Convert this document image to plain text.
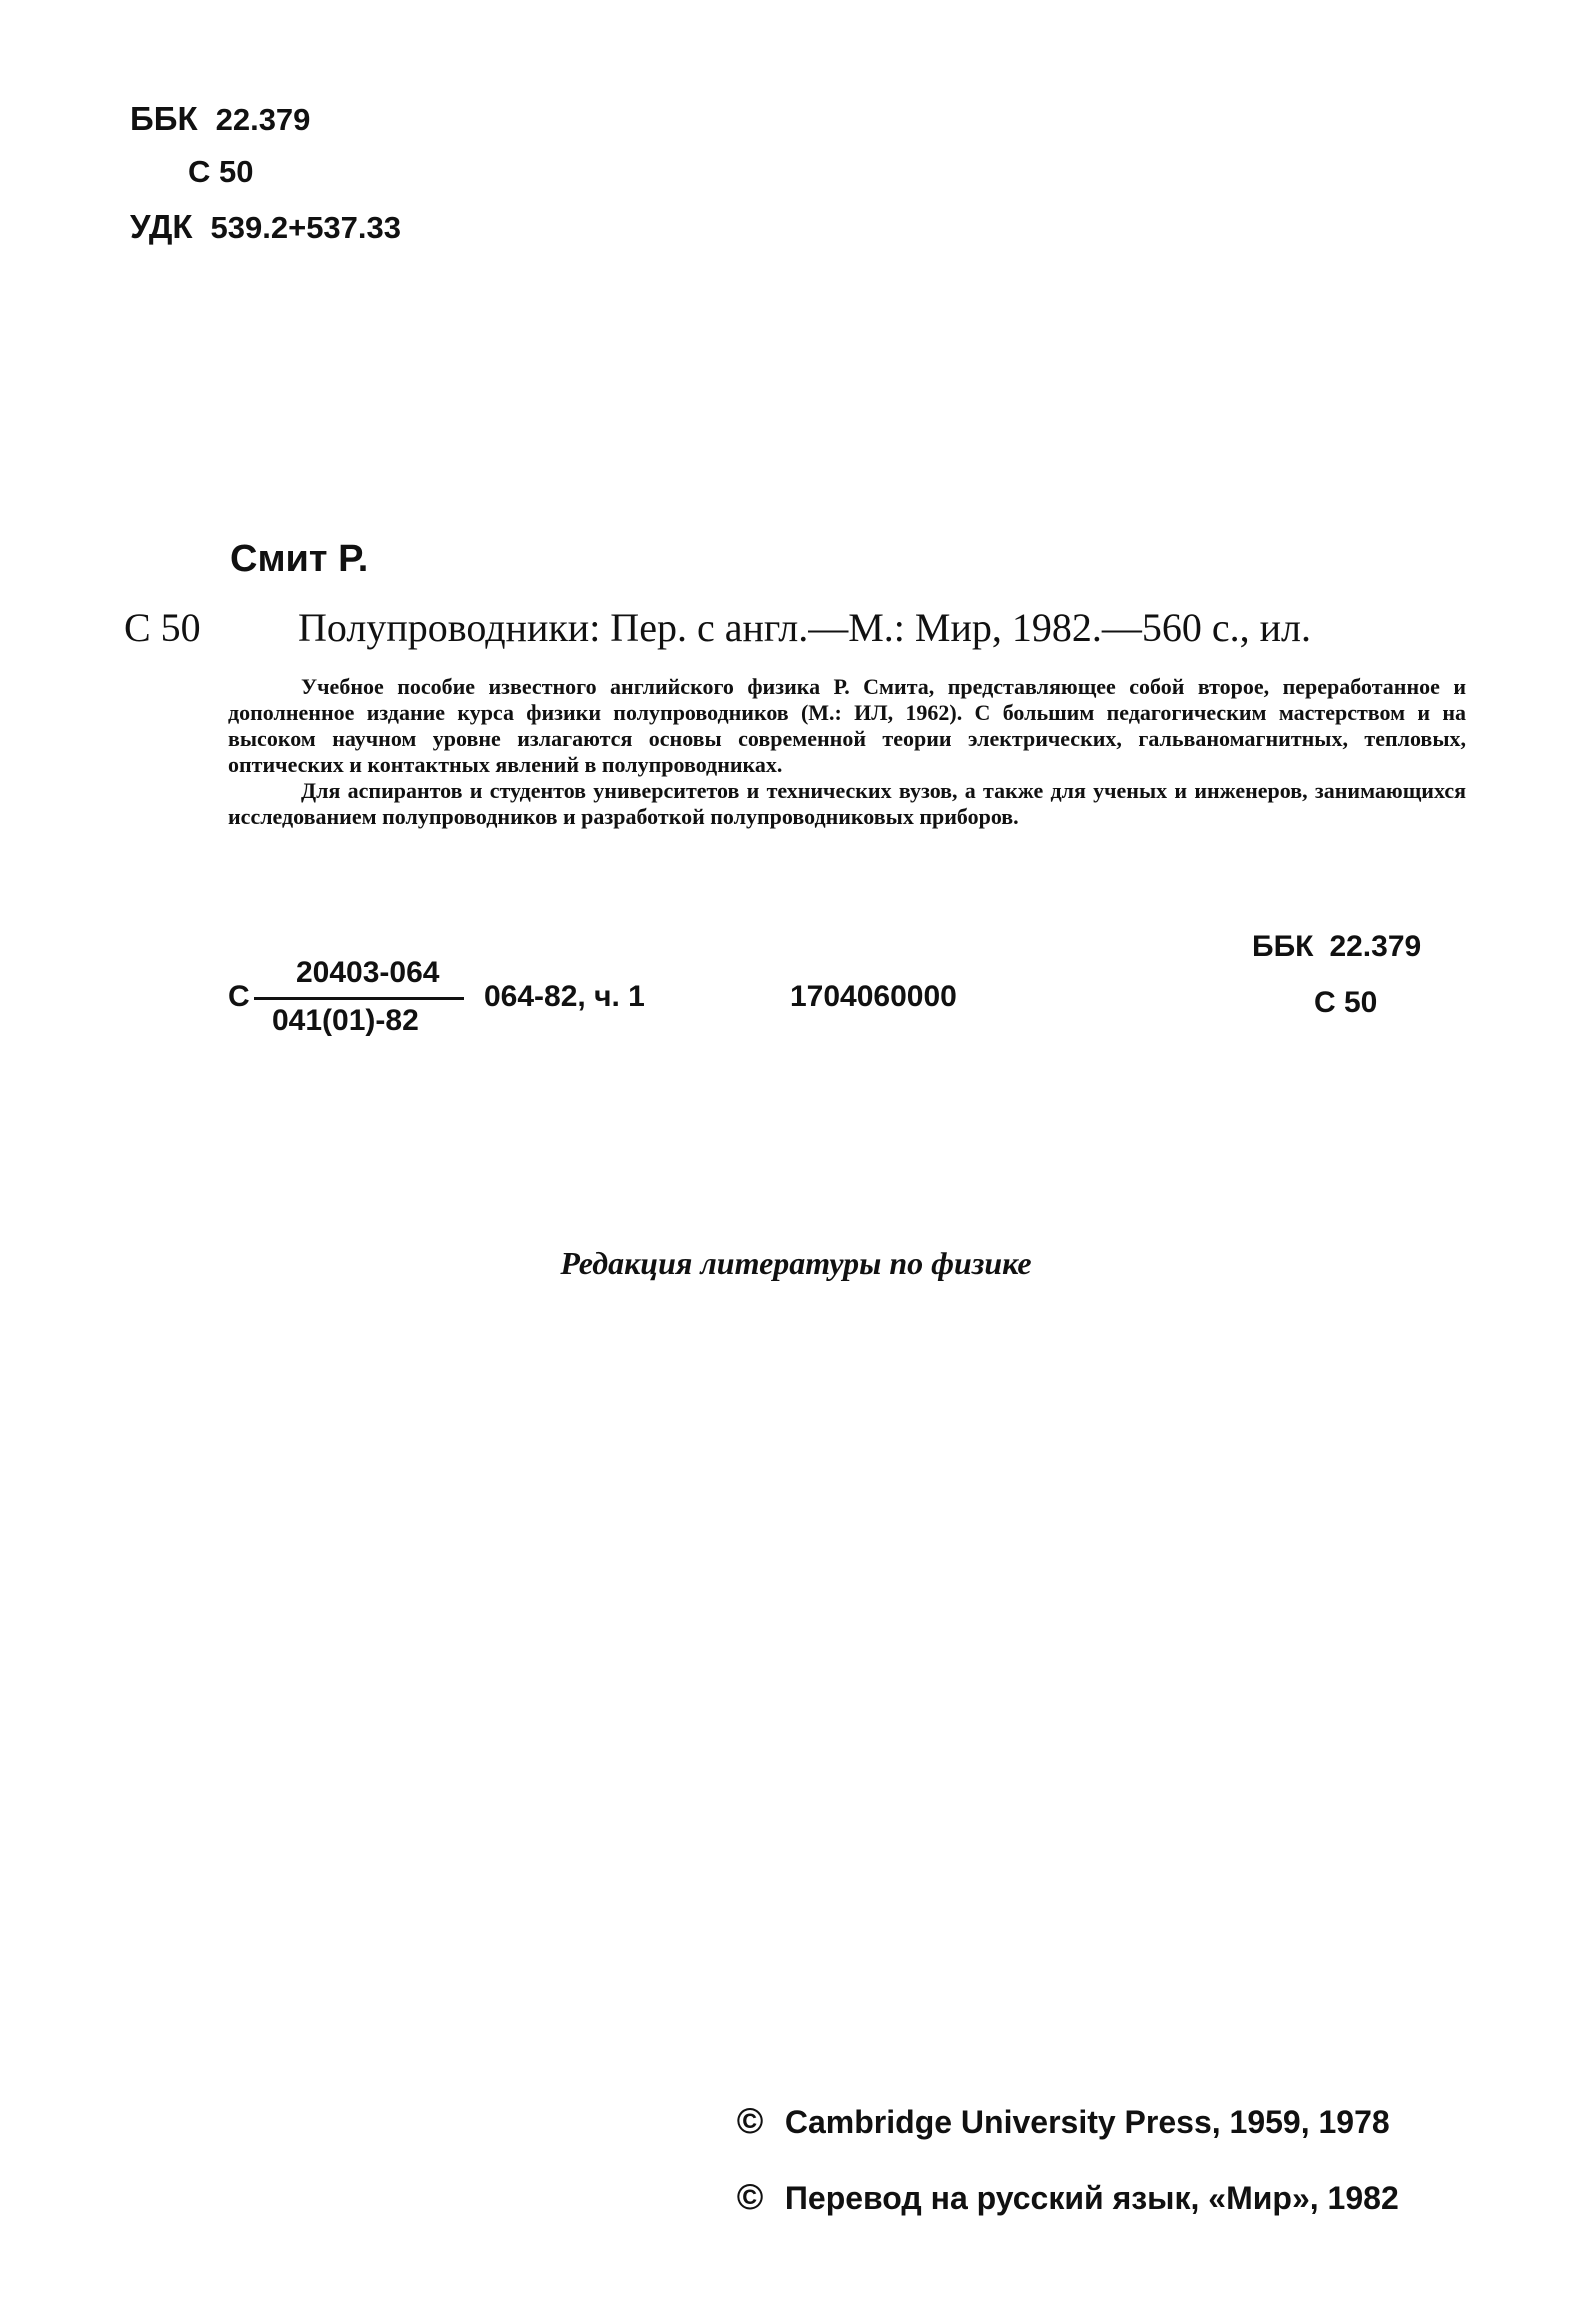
ББК 22.379
С 50
УДК 539.2+537.33
Смит Р.
С 50 Полупроводники: Пер. с англ.—М.: Мир, 1982.—560 с., ил.

Учебное пособие известного английского физика Р. Смита, представляющее собой второе, переработанное и дополненное издание курса физики полупроводников (М.: ИЛ, 1962). С большим педагогическим мастерством и на высоком научном уровне излагаются основы современной теории электрических, гальваномагнитных, тепловых, оптических и контактных явлений в полупроводниках.

Для аспирантов и студентов университетов и технических вузов, а также для ученых и инженеров, занимающихся исследованием полупроводников и разработкой полупроводниковых приборов.

С
20403-064
041(01)-82
064-82, ч. 1	1704060000
ББК 22.379
С 50
Редакция литературы по физике
© Cambridge University Press, 1959, 1978
© Перевод на русский язык, «Мир», 1982
